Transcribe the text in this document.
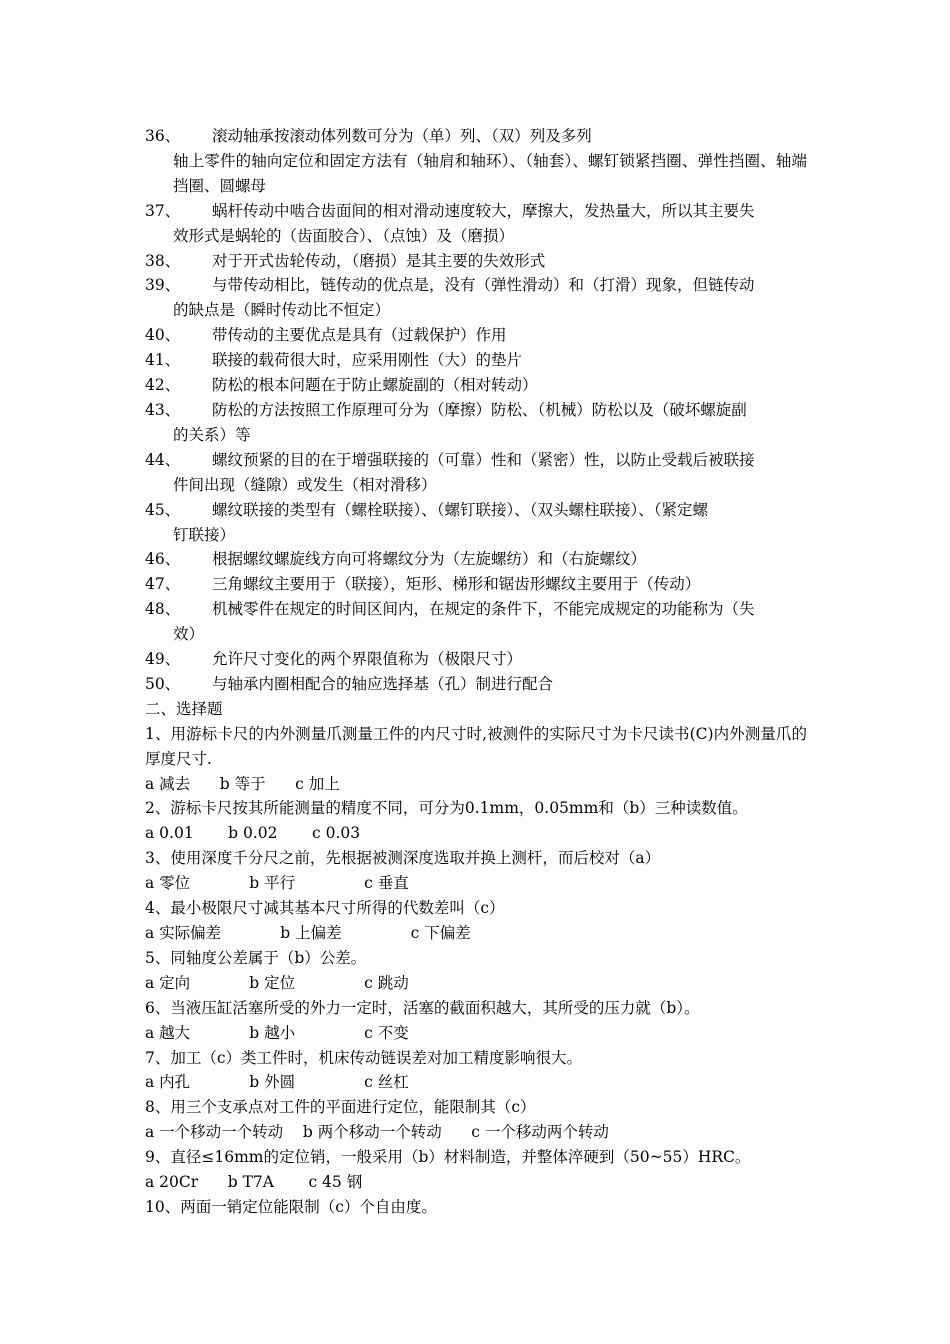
36、	滚动轴承按滚动体列数可分为（单）列、（双）列及多列
轴上零件的轴向定位和固定方法有（轴肩和轴环）、（轴套）、螺钉锁紧挡圈、弹性挡圈、轴端挡圈、圆螺母
37、	蜗杆传动中啮合齿面间的相对滑动速度较大，摩擦大，发热量大，所以其主要失
效形式是蜗轮的（齿面胶合）、（点蚀）及（磨损）
38、	对于开式齿轮传动，（磨损）是其主要的失效形式
39、	与带传动相比，链传动的优点是，没有（弹性滑动）和（打滑）现象，但链传动
的缺点是（瞬时传动比不恒定）
40、	带传动的主要优点是具有（过载保护）作用
41、	联接的载荷很大时，应采用刚性（大）的垫片
42、	防松的根本问题在于防止螺旋副的（相对转动）
43、	防松的方法按照工作原理可分为（摩擦）防松、（机械）防松以及（破坏螺旋副
的关系）等
44、	螺纹预紧的目的在于增强联接的（可靠）性和（紧密）性，以防止受载后被联接
件间出现（缝隙）或发生（相对滑移）
45、	螺纹联接的类型有（螺栓联接）、（螺钉联接）、（双头螺柱联接）、（紧定螺
钉联接）
46、	根据螺纹螺旋线方向可将螺纹分为（左旋螺纺）和（右旋螺纹）
47、	三角螺纹主要用于（联接），矩形、梯形和锯齿形螺纹主要用于（传动）
48、	机械零件在规定的时间区间内，在规定的条件下，不能完成规定的功能称为（失
效）
49、	允许尺寸变化的两个界限值称为（极限尺寸）
50、	与轴承内圈相配合的轴应选择基（孔）制进行配合
二、选择题
1、用游标卡尺的内外测量爪测量工件的内尺寸时,被测件的实际尺寸为卡尺读书(C)内外测量爪的厚度尺寸.
a 减去      b 等于      c 加上
2、游标卡尺按其所能测量的精度不同，可分为0.1mm，0.05mm和（b）三种读数值。
a 0.01       b 0.02       c 0.03
3、使用深度千分尺之前，先根据被测深度选取并换上测杆，而后校对（a）
a 零位            b 平行              c 垂直
4、最小极限尺寸减其基本尺寸所得的代数差叫（c）
a 实际偏差            b 上偏差              c 下偏差
5、同轴度公差属于（b）公差。
a 定向            b 定位              c 跳动
6、当液压缸活塞所受的外力一定时，活塞的截面积越大，其所受的压力就（b）。
a 越大            b 越小              c 不变
7、加工（c）类工件时，机床传动链误差对加工精度影响很大。
a 内孔            b 外圆              c 丝杠
8、用三个支承点对工件的平面进行定位，能限制其（c）
a 一个移动一个转动    b 两个移动一个转动      c 一个移动两个转动
9、直径≤16mm的定位销，一般采用（b）材料制造，并整体淬硬到（50~55）HRC。
a 20Cr      b T7A       c 45 钢
10、两面一销定位能限制（c）个自由度。
